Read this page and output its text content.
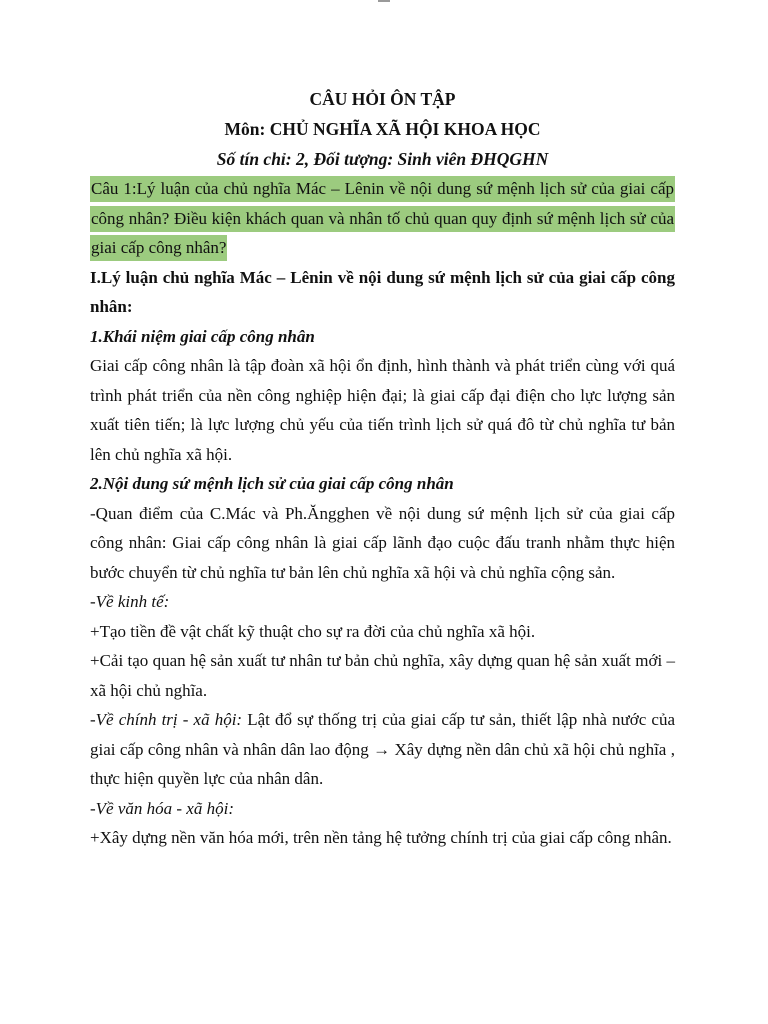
CÂU HỎI ÔN TẬP

Môn: CHỦ NGHĨA XÃ HỘI KHOA HỌC

Số tín chỉ: 2, Đối tượng: Sinh viên ĐHQGHN

Câu 1:Lý luận của chủ nghĩa Mác – Lênin về nội dung sứ mệnh lịch sử của giai cấp công nhân? Điều kiện khách quan và nhân tố chủ quan quy định sứ mệnh lịch sử của giai cấp công nhân?

I.Lý luận chủ nghĩa Mác – Lênin về nội dung sứ mệnh lịch sử của giai cấp công nhân:

1.Khái niệm giai cấp công nhân

Giai cấp công nhân là tập đoàn xã hội ổn định, hình thành và phát triển cùng với quá trình phát triển của nền công nghiệp hiện đại; là giai cấp đại điện cho lực lượng sản xuất tiên tiến; là lực lượng chủ yếu của tiến trình lịch sử quá đô từ chủ nghĩa tư bản lên chủ nghĩa xã hội.

2.Nội dung sứ mệnh lịch sử của giai cấp công nhân

-Quan điểm của C.Mác và Ph.Ăngghen về nội dung sứ mệnh lịch sử của giai cấp công nhân: Giai cấp công nhân là giai cấp lãnh đạo cuộc đấu tranh nhằm thực hiện bước chuyển từ chủ nghĩa tư bản lên chủ nghĩa xã hội và chủ nghĩa cộng sản.

-Về kinh tế:

+Tạo tiền đề vật chất kỹ thuật cho sự ra đời của chủ nghĩa xã hội.

+Cải tạo quan hệ sản xuất tư nhân tư bản chủ nghĩa, xây dựng quan hệ sản xuất mới – xã hội chủ nghĩa.

-Về chính trị - xã hội: Lật đổ sự thống trị của giai cấp tư sản, thiết lập nhà nước của giai cấp công nhân và nhân dân lao động → Xây dựng nền dân chủ xã hội chủ nghĩa , thực hiện quyền lực của nhân dân.

-Về văn hóa - xã hội:

+Xây dựng nền văn hóa mới, trên nền tảng hệ tưởng chính trị của giai cấp công nhân.
